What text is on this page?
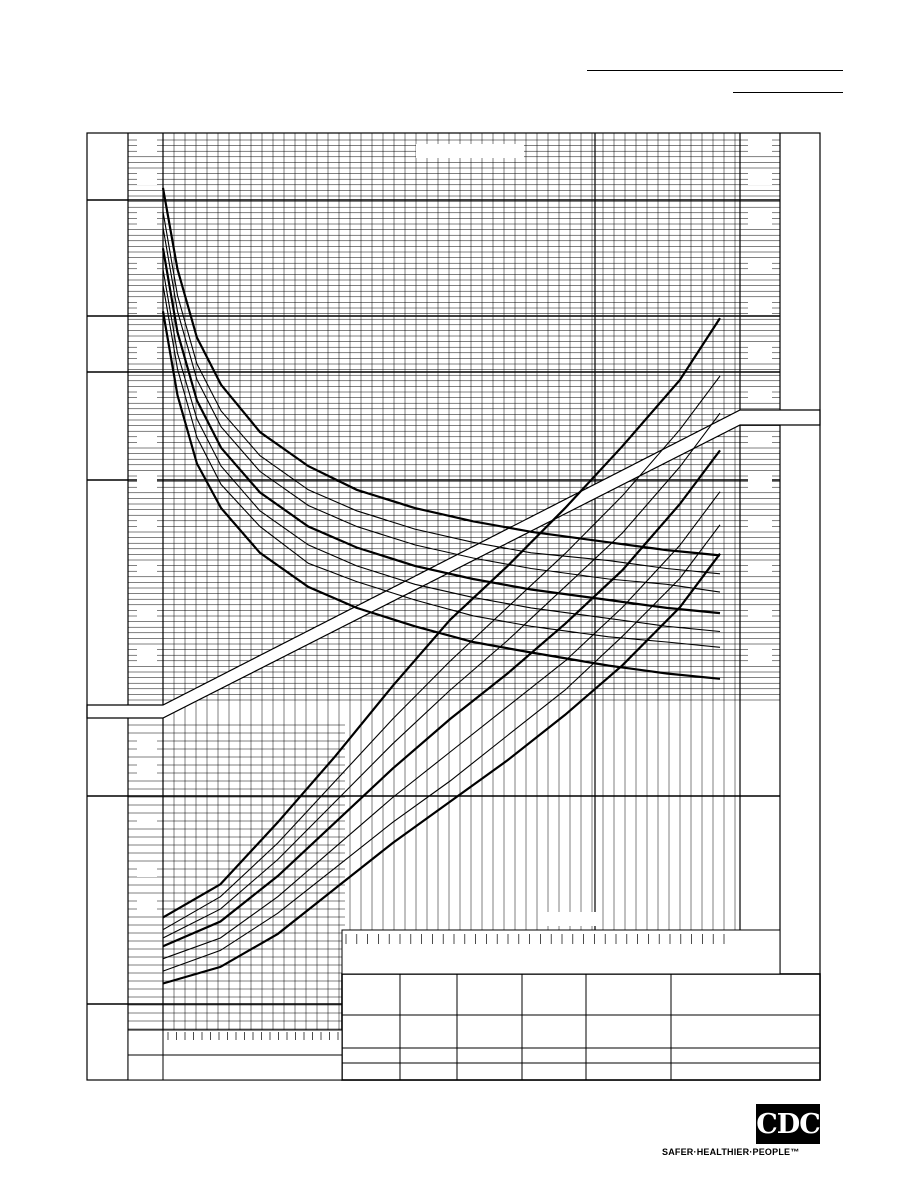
CDC
SAFER·HEALTHIER·PEOPLE™
